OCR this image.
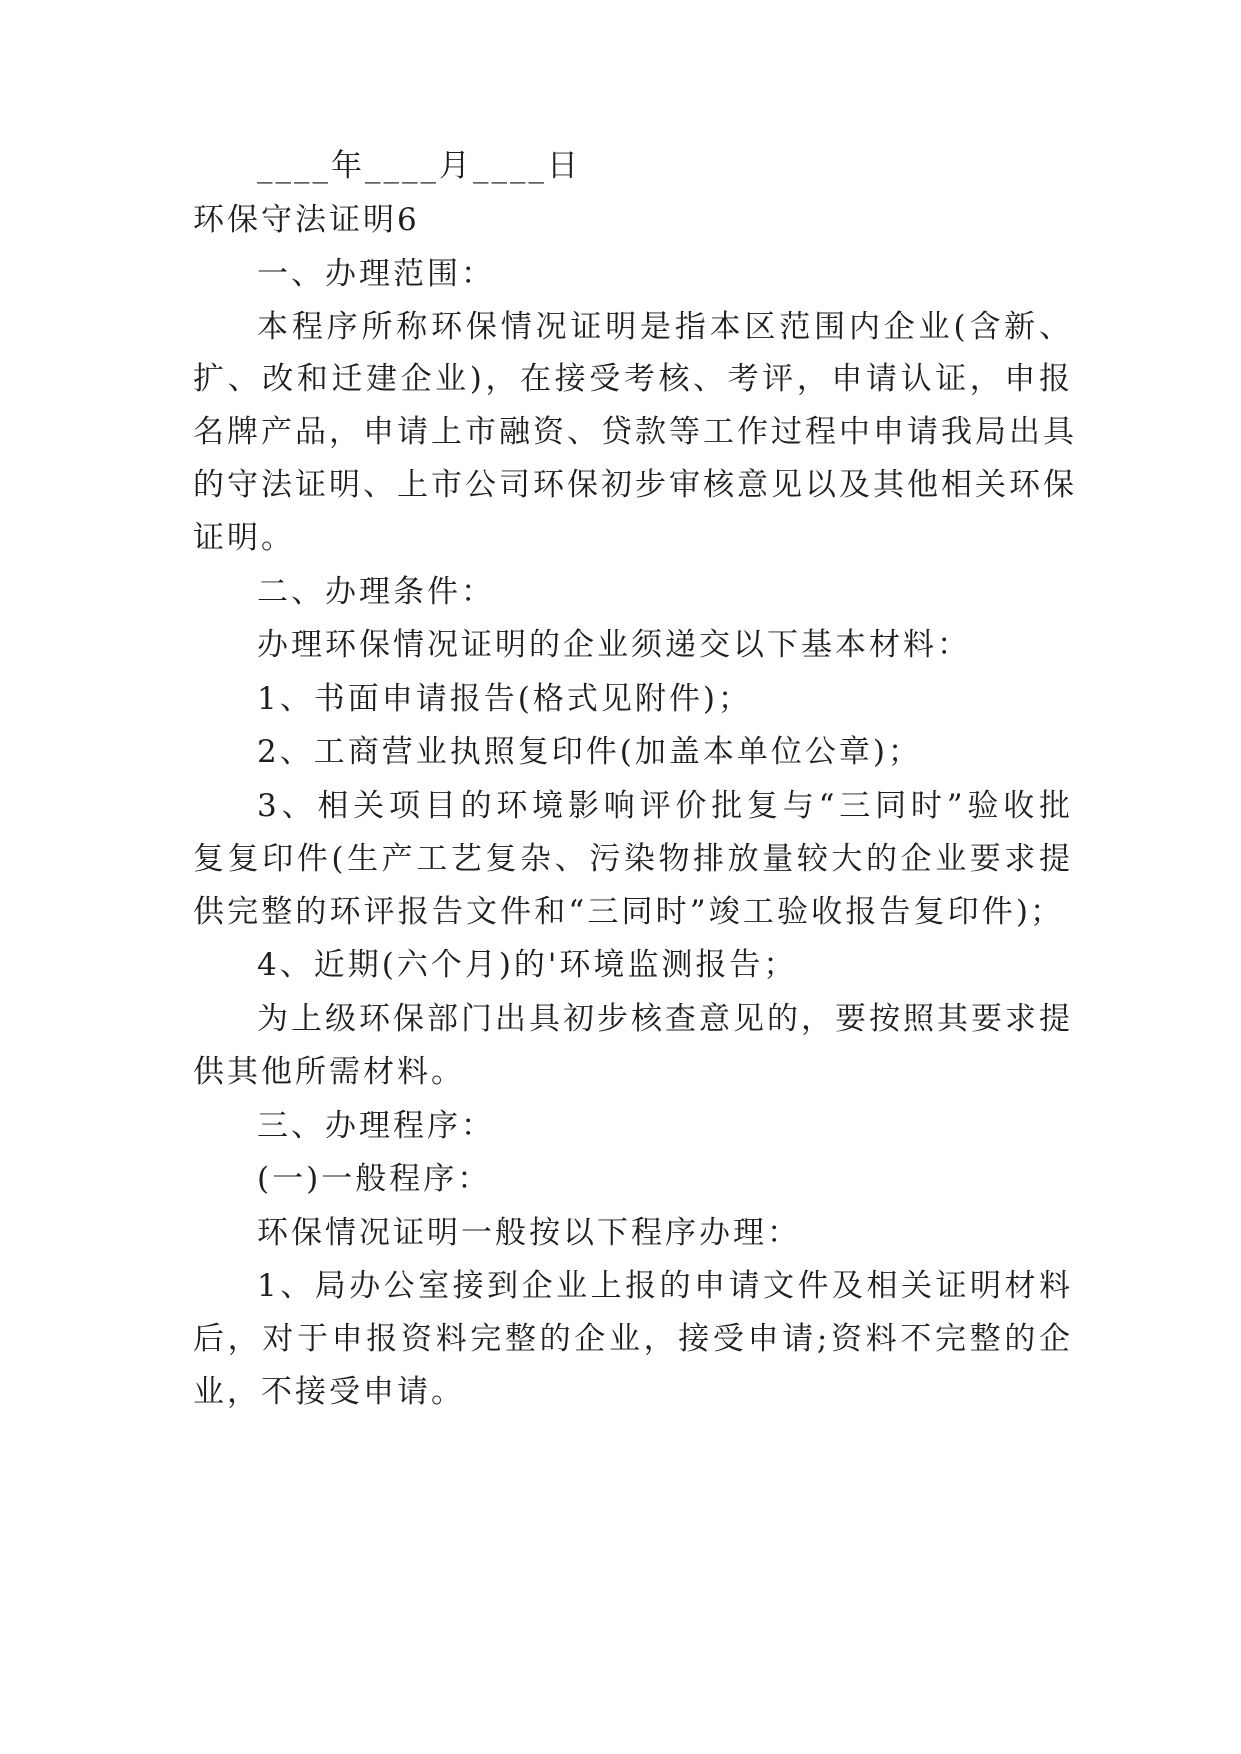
____年____月____日
环保守法证明6
一、办理范围：
本程序所称环保情况证明是指本区范围内企业(含新、
扩、改和迁建企业)，在接受考核、考评，申请认证，申报
名牌产品，申请上市融资、贷款等工作过程中申请我局出具
的守法证明、上市公司环保初步审核意见以及其他相关环保
证明。
二、办理条件：
办理环保情况证明的企业须递交以下基本材料：
1、书面申请报告(格式见附件)；
2、工商营业执照复印件(加盖本单位公章)；
3、相关项目的环境影响评价批复与“三同时”验收批
复复印件(生产工艺复杂、污染物排放量较大的企业要求提
供完整的环评报告文件和“三同时”竣工验收报告复印件)；
4、近期(六个月)的'环境监测报告；
为上级环保部门出具初步核查意见的，要按照其要求提
供其他所需材料。
三、办理程序：
(一)一般程序：
环保情况证明一般按以下程序办理：
1、局办公室接到企业上报的申请文件及相关证明材料
后，对于申报资料完整的企业，接受申请;资料不完整的企
业，不接受申请。
